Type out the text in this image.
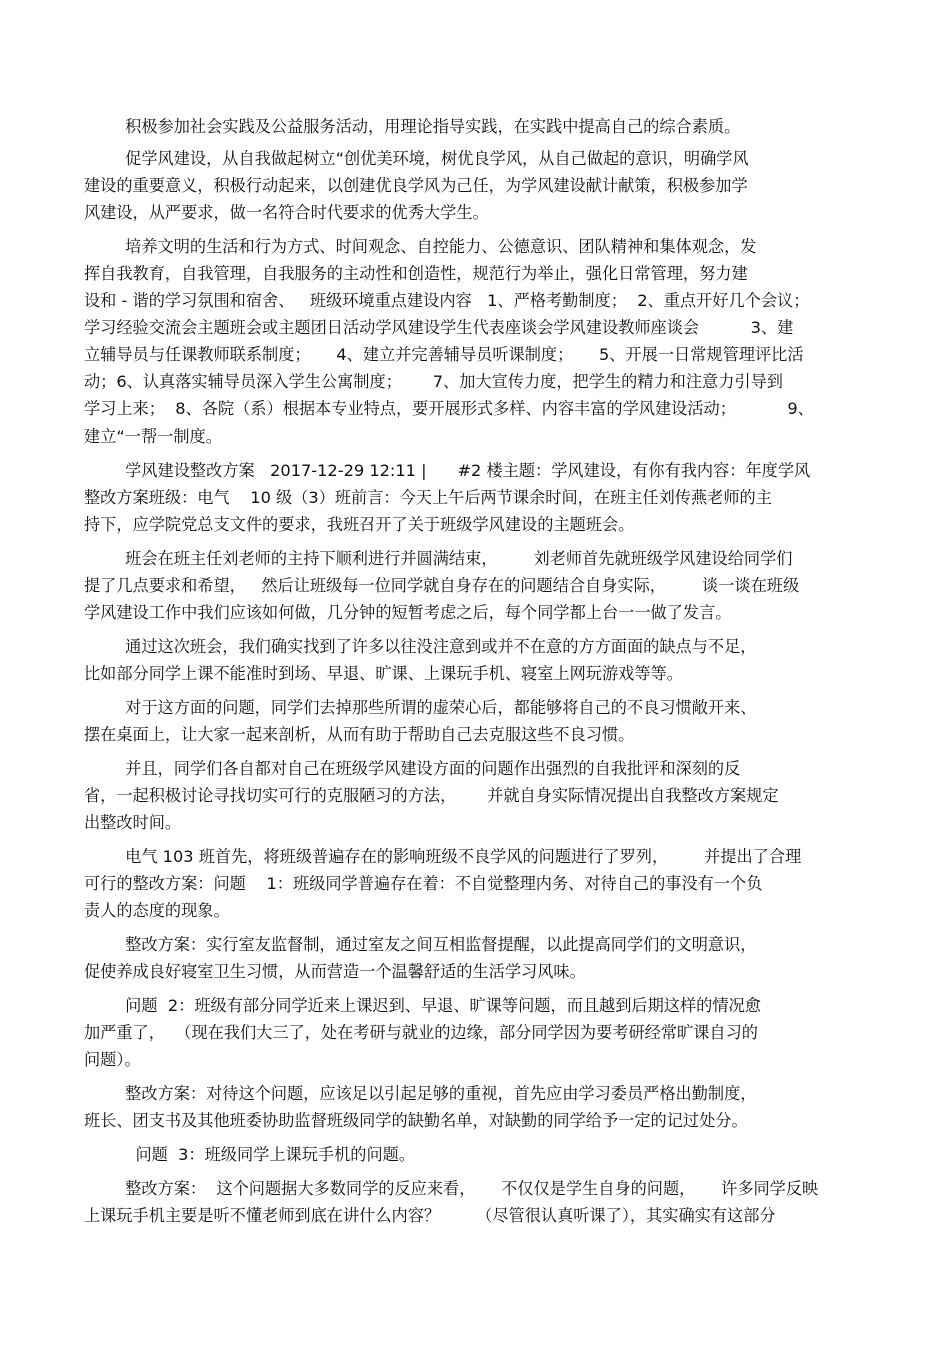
积极参加社会实践及公益服务活动，用理论指导实践，在实践中提高自己的综合素质。
促学风建设，从自我做起树立“创优美环境，树优良学风，从自己做起的意识，明确学风
建设的重要意义，积极行动起来，以创建优良学风为己任，为学风建设献计献策，积极参加学
风建设，从严要求，做一名符合时代要求的优秀大学生。
培养文明的生活和行为方式、时间观念、自控能力、公德意识、团队精神和集体观念，发
挥自我教育，自我管理，自我服务的主动性和创造性，规范行为举止，强化日常管理，努力建
设和 - 谐的学习氛围和宿舍、   班级环境重点建设内容   1、严格考勤制度；  2、重点开好几个会议；
学习经验交流会主题班会或主题团日活动学风建设学生代表座谈会学风建设教师座谈会          3、建
立辅导员与任课教师联系制度；     4、建立并完善辅导员听课制度；     5、开展一日常规管理评比活
动；6、认真落实辅导员深入学生公寓制度；      7、加大宣传力度，把学生的精力和注意力引导到
学习上来；  8、各院（系）根据本专业特点，要开展形式多样、内容丰富的学风建设活动；          9、
建立“一帮一制度。
学风建设整改方案   2017-12-29 12:11 |      #2 楼主题：学风建设，有你有我内容：年度学风
整改方案班级：电气    10 级（3）班前言：今天上午后两节课余时间，在班主任刘传燕老师的主
持下，应学院党总支文件的要求，我班召开了关于班级学风建设的主题班会。
班会在班主任刘老师的主持下顺利进行并圆满结束，       刘老师首先就班级学风建设给同学们
提了几点要求和希望，   然后让班级每一位同学就自身存在的问题结合自身实际，       谈一谈在班级
学风建设工作中我们应该如何做，几分钟的短暂考虑之后，每个同学都上台一一做了发言。
通过这次班会，我们确实找到了许多以往没注意到或并不在意的方方面面的缺点与不足，
比如部分同学上课不能准时到场、早退、旷课、上课玩手机、寝室上网玩游戏等等。
对于这方面的问题，同学们去掉那些所谓的虚荣心后，都能够将自己的不良习惯敞开来、
摆在桌面上，让大家一起来剖析，从而有助于帮助自己去克服这些不良习惯。
并且，同学们各自都对自己在班级学风建设方面的问题作出强烈的自我批评和深刻的反
省，一起积极讨论寻找切实可行的克服陋习的方法，      并就自身实际情况提出自我整改方案规定
出整改时间。
电气 103 班首先，将班级普遍存在的影响班级不良学风的问题进行了罗列，       并提出了合理
可行的整改方案：问题    1：班级同学普遍存在着：不自觉整理内务、对待自己的事没有一个负
责人的态度的现象。
整改方案：实行室友监督制，通过室友之间互相监督提醒，以此提高同学们的文明意识，
促使养成良好寝室卫生习惯，从而营造一个温馨舒适的生活学习风味。
问题  2：班级有部分同学近来上课迟到、早退、旷课等问题，而且越到后期这样的情况愈
加严重了，  （现在我们大三了，处在考研与就业的边缘，部分同学因为要考研经常旷课自习的
问题）。
整改方案：对待这个问题，应该足以引起足够的重视，首先应由学习委员严格出勤制度，
班长、团支书及其他班委协助监督班级同学的缺勤名单，对缺勤的同学给予一定的记过处分。
问题  3：班级同学上课玩手机的问题。
整改方案：  这个问题据大多数同学的反应来看，     不仅仅是学生自身的问题，     许多同学反映
上课玩手机主要是听不懂老师到底在讲什么内容？       （尽管很认真听课了），其实确实有这部分
